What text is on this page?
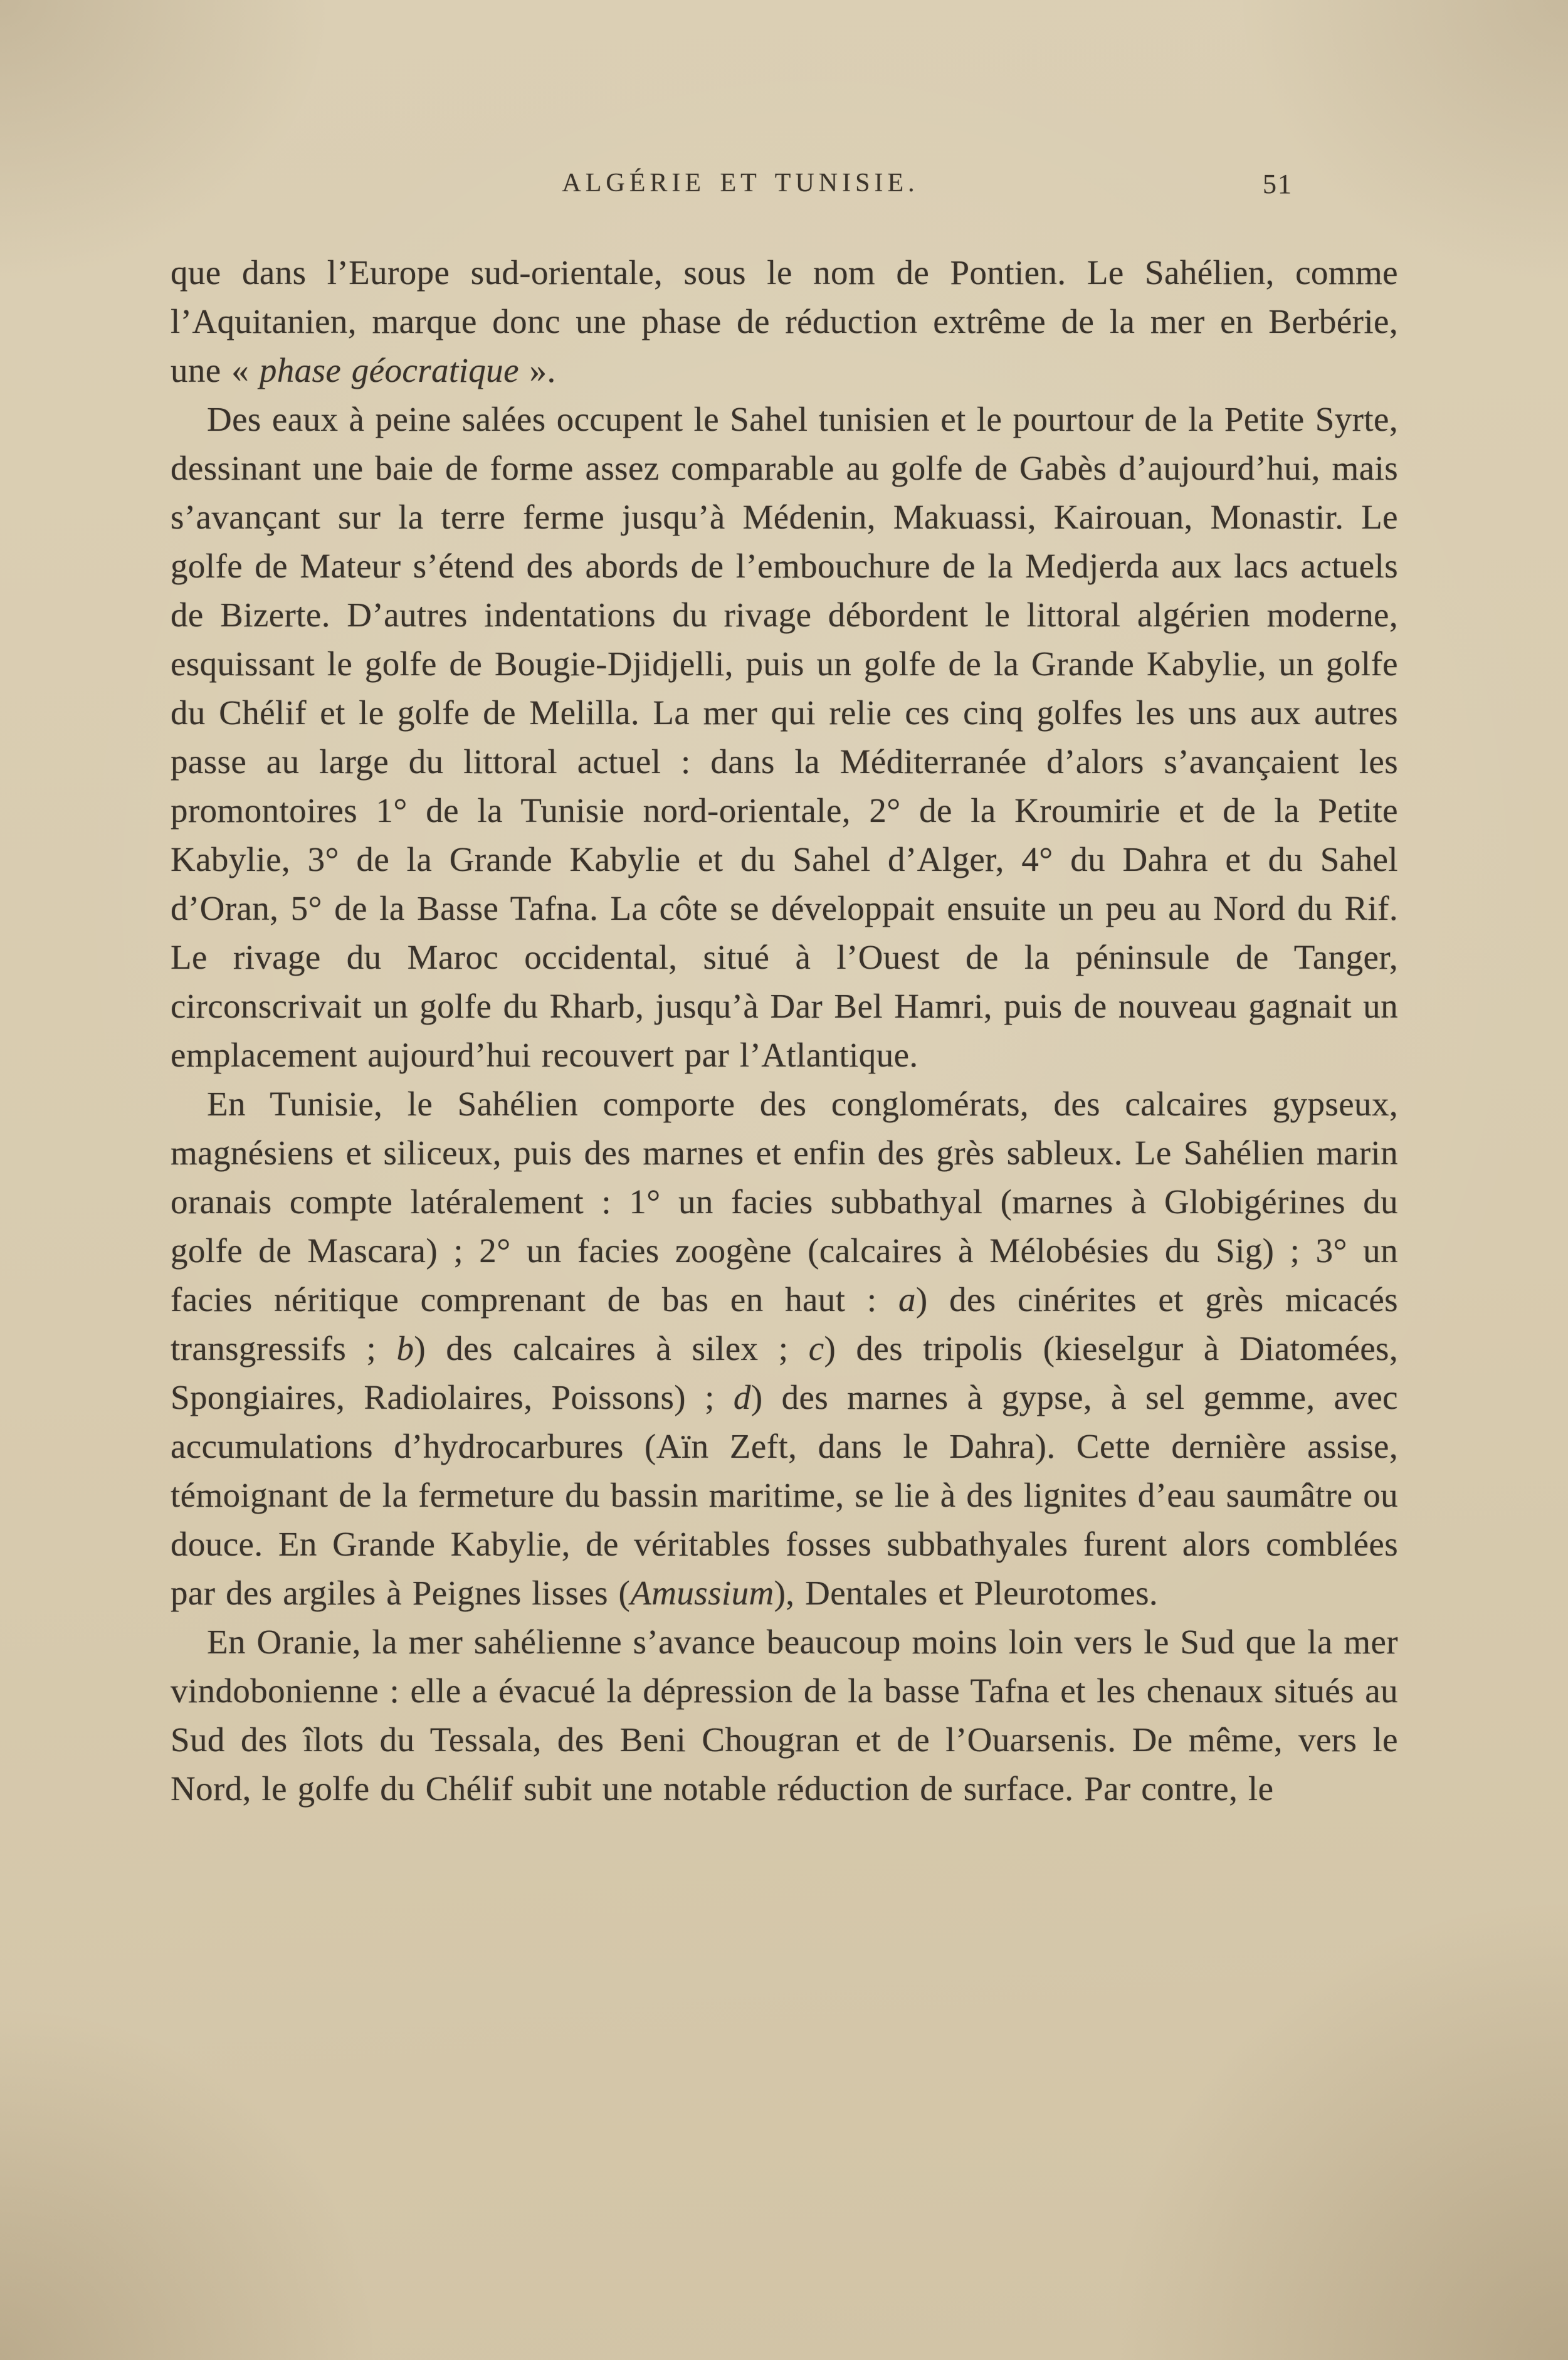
ALGÉRIE ET TUNISIE.	51

que dans l’Europe sud-orientale, sous le nom de Pontien. Le Sahélien, comme l’Aquitanien, marque donc une phase de réduction extrême de la mer en Berbérie, une « phase géocratique ».

Des eaux à peine salées occupent le Sahel tunisien et le pourtour de la Petite Syrte, dessinant une baie de forme assez comparable au golfe de Gabès d’aujourd’hui, mais s’avançant sur la terre ferme jusqu’à Médenin, Makuassi, Kairouan, Monastir. Le golfe de Mateur s’étend des abords de l’embouchure de la Medjerda aux lacs actuels de Bizerte. D’autres indentations du rivage débordent le littoral algérien moderne, esquissant le golfe de Bougie-Djidjelli, puis un golfe de la Grande Kabylie, un golfe du Chélif et le golfe de Melilla. La mer qui relie ces cinq golfes les uns aux autres passe au large du littoral actuel : dans la Méditerranée d’alors s’avançaient les promontoires 1° de la Tunisie nord-orientale, 2° de la Kroumirie et de la Petite Kabylie, 3° de la Grande Kabylie et du Sahel d’Alger, 4° du Dahra et du Sahel d’Oran, 5° de la Basse Tafna. La côte se développait ensuite un peu au Nord du Rif. Le rivage du Maroc occidental, situé à l’Ouest de la péninsule de Tanger, circonscrivait un golfe du Rharb, jusqu’à Dar Bel Hamri, puis de nouveau gagnait un emplacement aujourd’hui recouvert par l’Atlantique.

En Tunisie, le Sahélien comporte des conglomérats, des calcaires gypseux, magnésiens et siliceux, puis des marnes et enfin des grès sableux. Le Sahélien marin oranais compte latéralement : 1° un facies subbathyal (marnes à Globigérines du golfe de Mascara) ; 2° un facies zoogène (calcaires à Mélobésies du Sig) ; 3° un facies néritique comprenant de bas en haut : a) des cinérites et grès micacés transgressifs ; b) des calcaires à silex ; c) des tripolis (kieselgur à Diatomées, Spongiaires, Radiolaires, Poissons) ; d) des marnes à gypse, à sel gemme, avec accumulations d’hydrocarbures (Aïn Zeft, dans le Dahra). Cette dernière assise, témoignant de la fermeture du bassin maritime, se lie à des lignites d’eau saumâtre ou douce. En Grande Kabylie, de véritables fosses subbathyales furent alors comblées par des argiles à Peignes lisses (Amussium), Dentales et Pleurotomes.

En Oranie, la mer sahélienne s’avance beaucoup moins loin vers le Sud que la mer vindobonienne : elle a évacué la dépression de la basse Tafna et les chenaux situés au Sud des îlots du Tessala, des Beni Chougran et de l’Ouarsenis. De même, vers le Nord, le golfe du Chélif subit une notable réduction de surface. Par contre, le
